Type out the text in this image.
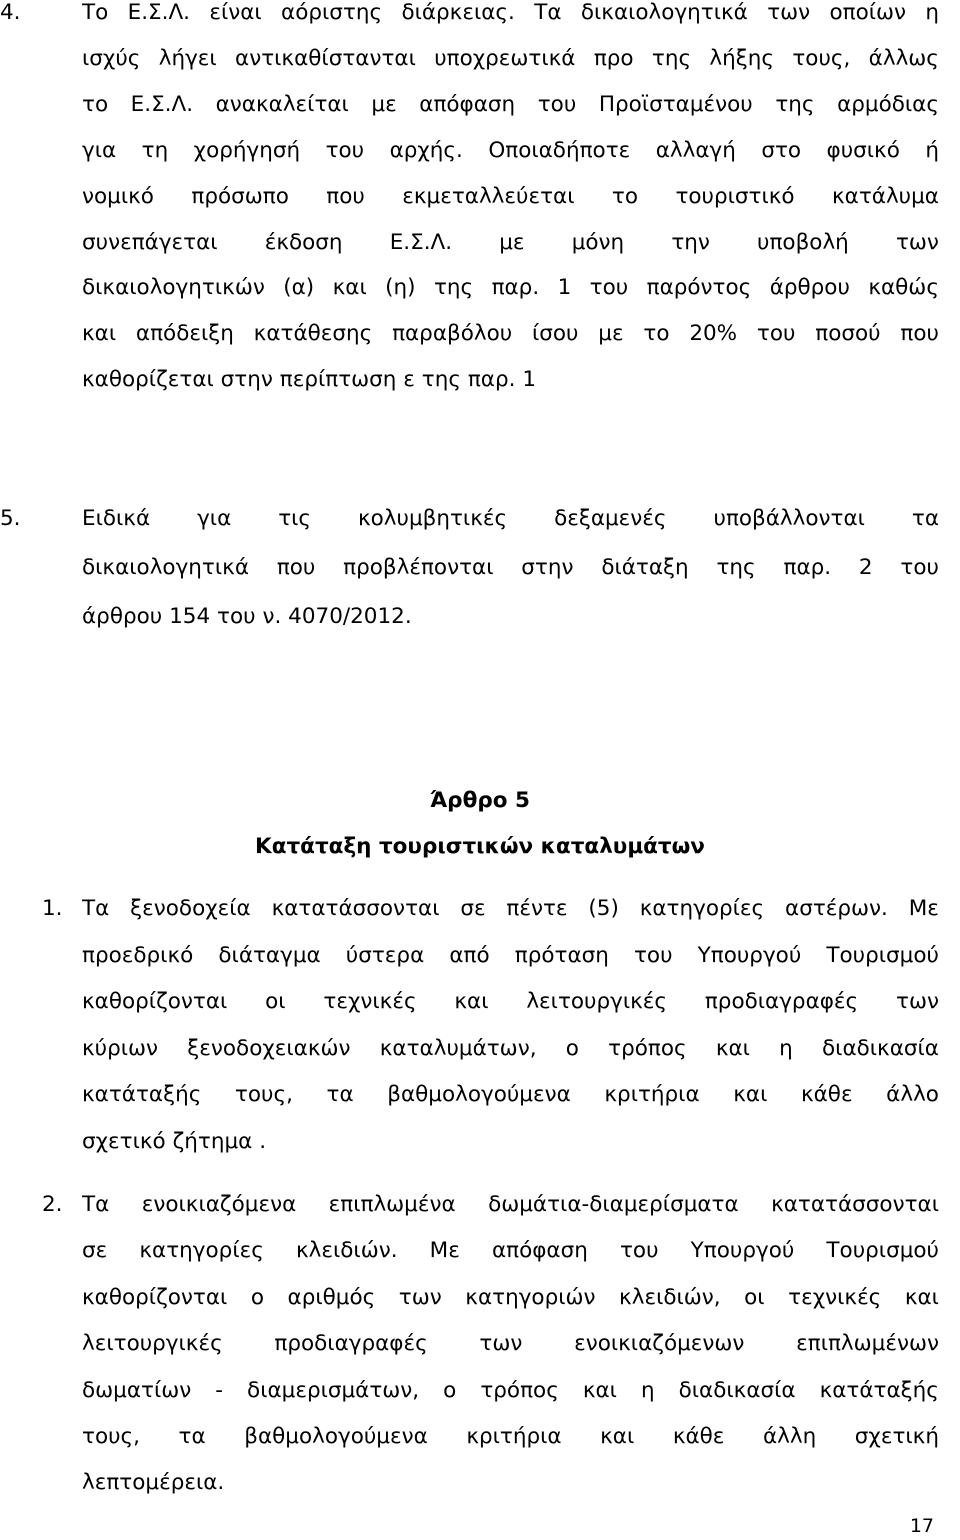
4.
5.
Άρθρο 5
Κατάταξη τουριστικών καταλυμάτων
1.
2.
17
Το Ε.Σ.Λ. είναι αόριστης διάρκειας. Τα δικαιολογητικά των οποίων η
ισχύς λήγει αντικαθίστανται υποχρεωτικά προ της λήξης τους, άλλως
το Ε.Σ.Λ. ανακαλείται με απόφαση του Προϊσταμένου της αρμόδιας
για τη χορήγησή του αρχής. Οποιαδήποτε αλλαγή στο φυσικό ή
νομικό πρόσωπο που εκμεταλλεύεται το τουριστικό κατάλυμα
συνεπάγεται έκδοση Ε.Σ.Λ. με μόνη την υποβολή των
δικαιολογητικών (α) και (η) της παρ. 1 του παρόντος άρθρου καθώς
και απόδειξη κατάθεσης παραβόλου ίσου με το 20% του ποσού που
καθορίζεται στην περίπτωση ε της παρ. 1
Ειδικά για τις κολυμβητικές δεξαμενές υποβάλλονται τα
δικαιολογητικά που προβλέπονται στην διάταξη της παρ. 2 του
άρθρου 154 του ν. 4070/2012.
Τα ξενοδοχεία κατατάσσονται σε πέντε (5) κατηγορίες αστέρων. Με
προεδρικό διάταγμα ύστερα από πρόταση του Υπουργού Τουρισμού
καθορίζονται οι τεχνικές και λειτουργικές προδιαγραφές των
κύριων ξενοδοχειακών καταλυμάτων, ο τρόπος και η διαδικασία
κατάταξής τους, τα βαθμολογούμενα κριτήρια και κάθε άλλο
σχετικό ζήτημα .
Τα ενοικιαζόμενα επιπλωμένα δωμάτια-διαμερίσματα κατατάσσονται
σε κατηγορίες κλειδιών. Με απόφαση του Υπουργού Τουρισμού
καθορίζονται ο αριθμός των κατηγοριών κλειδιών, οι τεχνικές και
λειτουργικές προδιαγραφές των ενοικιαζόμενων επιπλωμένων
δωματίων - διαμερισμάτων, ο τρόπος και η διαδικασία κατάταξής
τους, τα βαθμολογούμενα κριτήρια και κάθε άλλη σχετική
λεπτομέρεια.
